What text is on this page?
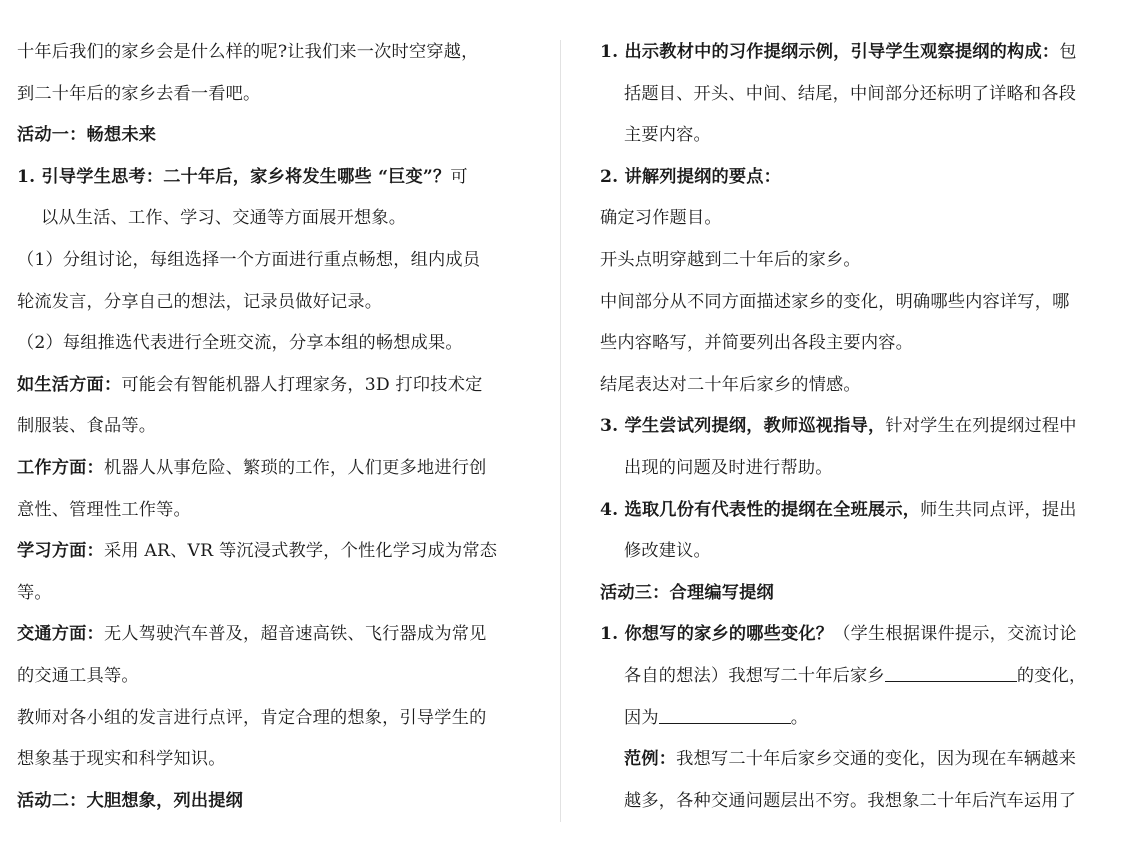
十年后我们的家乡会是什么样的呢?让我们来一次时空穿越，
到二十年后的家乡去看一看吧。
活动一：畅想未来
1. 引导学生思考：二十年后，家乡将发生哪些 “巨变”？可
以从生活、工作、学习、交通等方面展开想象。
（1）分组讨论，每组选择一个方面进行重点畅想，组内成员
轮流发言，分享自己的想法，记录员做好记录。
（2）每组推选代表进行全班交流，分享本组的畅想成果。
如生活方面：可能会有智能机器人打理家务，3D 打印技术定
制服装、食品等。
工作方面：机器人从事危险、繁琐的工作，人们更多地进行创
意性、管理性工作等。
学习方面：采用 AR、VR 等沉浸式教学，个性化学习成为常态
等。
交通方面：无人驾驶汽车普及，超音速高铁、飞行器成为常见
的交通工具等。
教师对各小组的发言进行点评，肯定合理的想象，引导学生的
想象基于现实和科学知识。
活动二：大胆想象，列出提纲
1. 出示教材中的习作提纲示例，引导学生观察提纲的构成：包
括题目、开头、中间、结尾，中间部分还标明了详略和各段
主要内容。
2. 讲解列提纲的要点：
确定习作题目。
开头点明穿越到二十年后的家乡。
中间部分从不同方面描述家乡的变化，明确哪些内容详写，哪
些内容略写，并简要列出各段主要内容。
结尾表达对二十年后家乡的情感。
3. 学生尝试列提纲，教师巡视指导，针对学生在列提纲过程中
出现的问题及时进行帮助。
4. 选取几份有代表性的提纲在全班展示，师生共同点评，提出
修改建议。
活动三：合理编写提纲
1. 你想写的家乡的哪些变化？（学生根据课件提示，交流讨论
各自的想法）我想写二十年后家乡	的变化，
因为	。
范例：我想写二十年后家乡交通的变化，因为现在车辆越来
越多，各种交通问题层出不穷。我想象二十年后汽车运用了
